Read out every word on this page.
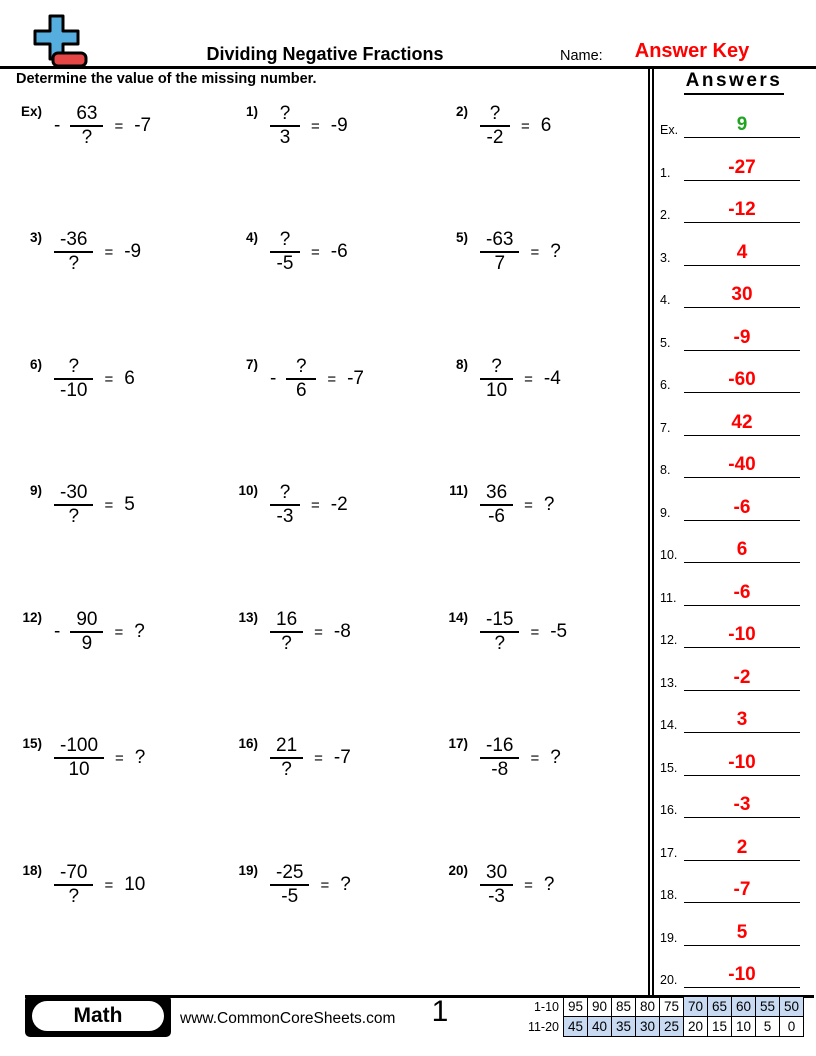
Dividing Negative Fractions	Name:	Answer Key
Determine the value of the missing number.
Ex)
- $\frac{63}{?} = -7$
$1) \frac{?}{3} = -9$
$2) \frac{?}{-2} = 6$
$3) \frac{-36}{?} = -9$
$4) \frac{?}{-5} = -6$
$5) \frac{-63}{7}$ = ?
$6) \frac{?}{-10} = 6$
7)
- $\frac{?}{6} = -7$
$8) \frac{?}{10} = -4$
$9) \frac{-30}{?} = 5$
$10) \frac{?}{-3} = -2$
$11) \frac{36}{-6}$ = ?
12)
- $\frac{90}{9}$ = ?
$13) \frac{16}{?} = -8$
$14) \frac{-15}{?} = -5$
$15) \frac{-100}{10}$ = ?
$16) \frac{21}{?} = -7$
$17) \frac{-16}{-8}$ = ?
$18) \frac{-70}{?} = 10$
$19) \frac{-25}{-5}$ = ?
$20) \frac{30}{-3}$ = ?
Answers
Ex.	9
1.	-27
2.	-12
3.	4
4.	30
5.	-9
6.	-60
7.	42
8.	-40
9.	-6
10.	6
11.	-6
12.	-10
13.	-2
14.	3
15.	-10
16.	-3
17.	2
18.	-7
19.	5
20.	-10
Math	www.CommonCoreSheets.com	1	1-10 95 90 85 80 75 70 65 60 55 50
11-20 45 40 35 30 25 20 15 10 5	0
